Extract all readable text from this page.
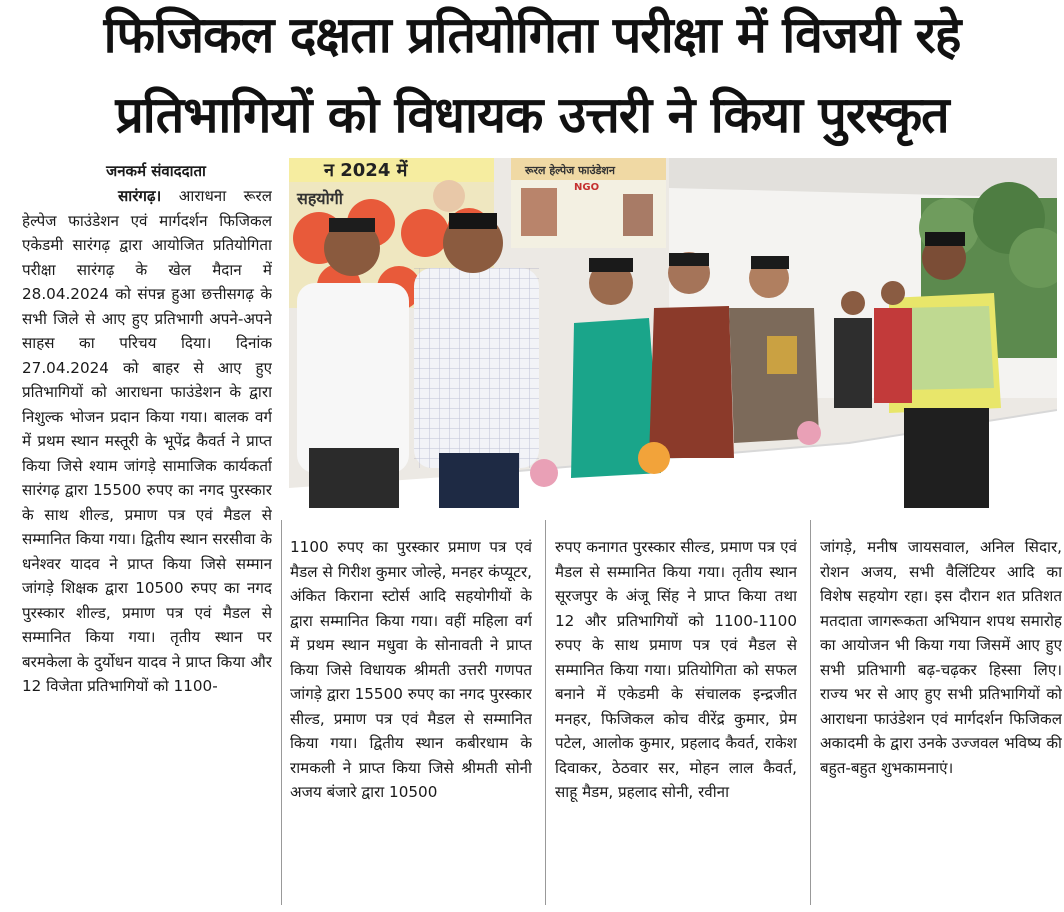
फिजिकल दक्षता प्रतियोगिता परीक्षा में विजयी रहे
प्रतिभागियों को विधायक उत्तरी ने किया पुरस्कृत
जनकर्म संवाददाता
सारंगढ़। आराधना रूरल हेल्पेज फाउंडेशन एवं मार्गदर्शन फिजिकल एकेडमी सारंगढ़ द्वारा आयोजित प्रतियोगिता परीक्षा सारंगढ़ के खेल मैदान में 28.04.2024 को संपन्न हुआ छत्तीसगढ़ के सभी जिले से आए हुए प्रतिभागी अपने-अपने साहस का परिचय दिया। दिनांक 27.04.2024 को बाहर से आए हुए प्रतिभागियों को आराधना फाउंडेशन के द्वारा निशुल्क भोजन प्रदान किया गया। बालक वर्ग में प्रथम स्थान मस्तूरी के भूपेंद्र कैवर्त ने प्राप्त किया जिसे श्याम जांगड़े सामाजिक कार्यकर्ता सारंगढ़ द्वारा 15500 रुपए का नगद पुरस्कार के साथ शील्ड, प्रमाण पत्र एवं मैडल से सम्मानित किया गया। द्वितीय स्थान सरसीवा के धनेश्वर यादव ने प्राप्त किया जिसे सम्मान जांगड़े शिक्षक द्वारा 10500 रुपए का नगद पुरस्कार शील्ड, प्रमाण पत्र एवं मैडल से सम्मानित किया गया। तृतीय स्थान पर बरमकेला के दुर्योधन यादव ने प्राप्त किया और 12 विजेता प्रतिभागियों को 1100-
न 2024 में
सहयोगी
रूरल हेल्पेज फाउंडेशन
NGO
1100 रुपए का पुरस्कार प्रमाण पत्र एवं मैडल से गिरीश कुमार जोल्हे, मनहर कंप्यूटर, अंकित किराना स्टोर्स आदि सहयोगीयों के द्वारा सम्मानित किया गया। वहीं महिला वर्ग में प्रथम स्थान मधुवा के सोनावती ने प्राप्त किया जिसे विधायक श्रीमती उत्तरी गणपत जांगड़े द्वारा 15500 रुपए का नगद पुरस्कार सील्ड, प्रमाण पत्र एवं मैडल से सम्मानित किया गया। द्वितीय स्थान कबीरधाम के रामकली ने प्राप्त किया जिसे श्रीमती सोनी अजय बंजारे द्वारा 10500
रुपए कनागत पुरस्कार सील्ड, प्रमाण पत्र एवं मैडल से सम्मानित किया गया। तृतीय स्थान सूरजपुर के अंजू सिंह ने प्राप्त किया तथा 12 और प्रतिभागियों को 1100-1100 रुपए के साथ प्रमाण पत्र एवं मैडल से सम्मानित किया गया। प्रतियोगिता को सफल बनाने में एकेडमी के संचालक इन्द्रजीत मनहर, फिजिकल कोच वीरेंद्र कुमार, प्रेम पटेल, आलोक कुमार, प्रहलाद कैवर्त, राकेश दिवाकर, ठेठवार सर, मोहन लाल कैवर्त, साहू मैडम, प्रहलाद सोनी, रवीना
जांगड़े, मनीष जायसवाल, अनिल सिदार, रोशन अजय, सभी वैलिंटियर आदि का विशेष सहयोग रहा। इस दौरान शत प्रतिशत मतदाता जागरूकता अभियान शपथ समारोह का आयोजन भी किया गया जिसमें आए हुए सभी प्रतिभागी बढ़-चढ़कर हिस्सा लिए। राज्य भर से आए हुए सभी प्रतिभागियों को आराधना फाउंडेशन एवं मार्गदर्शन फिजिकल अकादमी के द्वारा उनके उज्जवल भविष्य की बहुत-बहुत शुभकामनाएं।
